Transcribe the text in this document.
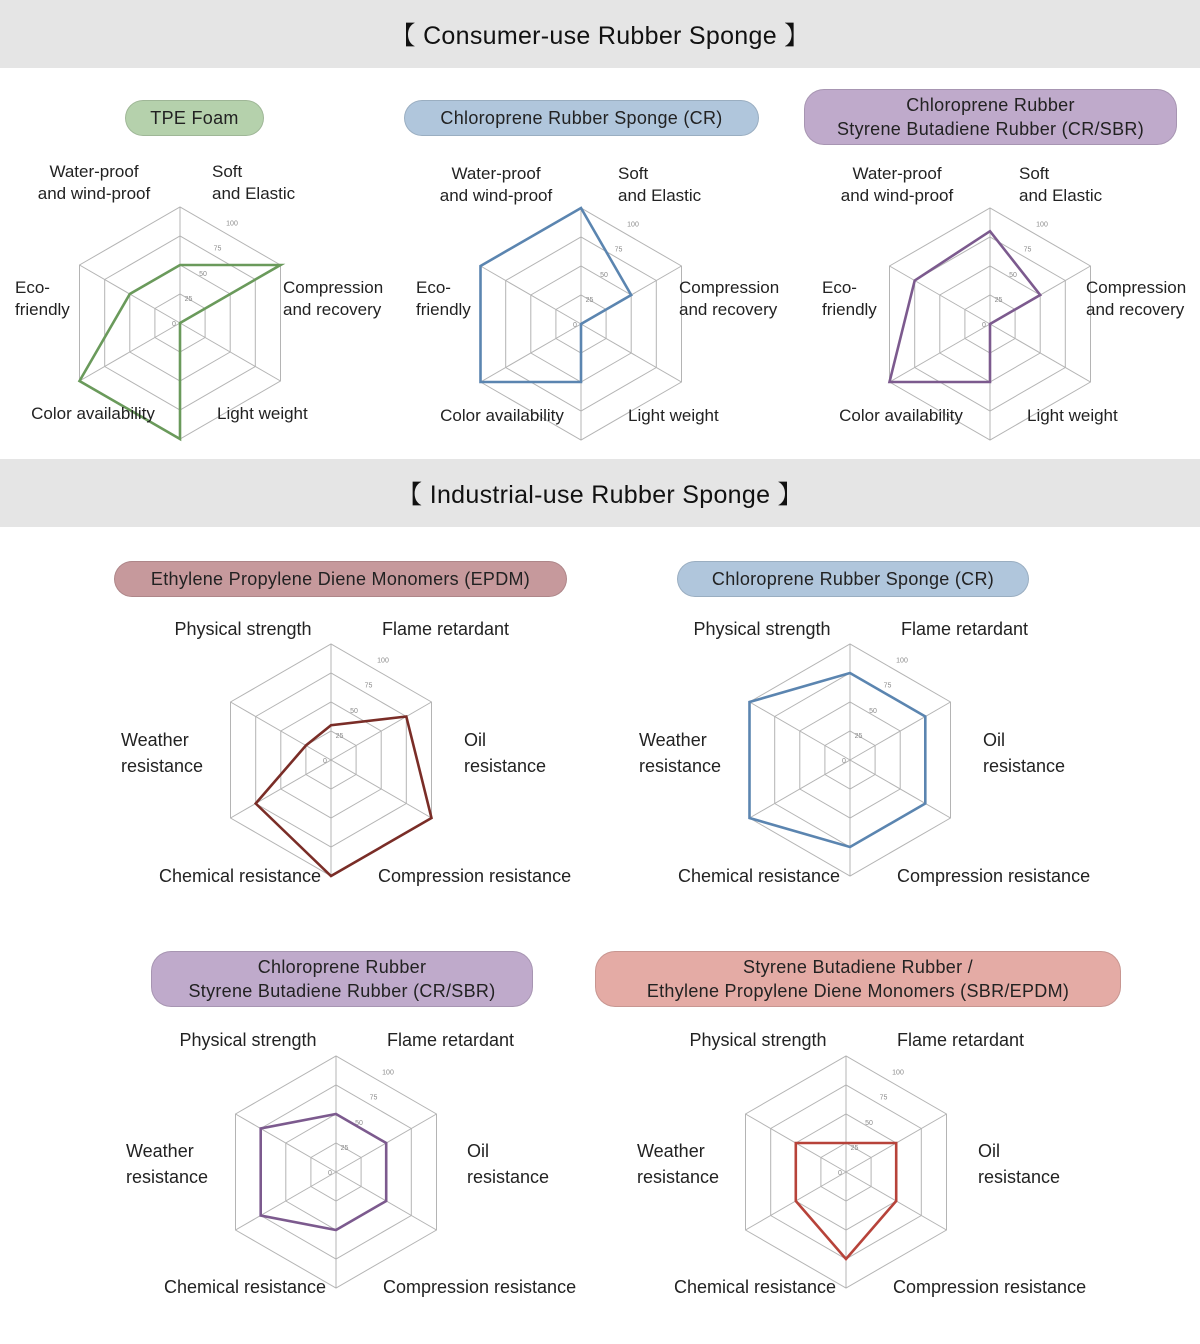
【 Consumer-use Rubber Sponge 】
【 Industrial-use Rubber Sponge 】
TPE Foam
0
25
50
75
100
Water-proof
and wind-proof
Soft
and Elastic
Compression
and recovery
Light weight
Color availability
Eco-
friendly
Chloroprene Rubber Sponge (CR)
0
25
50
75
100
Water-proof
and wind-proof
Soft
and Elastic
Compression
and recovery
Light weight
Color availability
Eco-
friendly
Chloroprene Rubber
Styrene Butadiene Rubber (CR/SBR)
0
25
50
75
100
Water-proof
and wind-proof
Soft
and Elastic
Compression
and recovery
Light weight
Color availability
Eco-
friendly
Ethylene Propylene Diene Monomers (EPDM)
0
25
50
75
100
Physical strength	Flame retardant
Oil
resistance
Compression resistance
Chemical resistance
Weather
resistance
Chloroprene Rubber Sponge (CR)
0
25
50
75
100
Physical strength	Flame retardant
Oil
resistance
Compression resistance
Chemical resistance
Weather
resistance
Chloroprene Rubber
Styrene Butadiene Rubber (CR/SBR)
0
25
50
75
100
Physical strength	Flame retardant
Oil
resistance
Compression resistance
Chemical resistance
Weather
resistance
Styrene Butadiene Rubber /
Ethylene Propylene Diene Monomers (SBR/EPDM)
0
25
50
75
100
Physical strength	Flame retardant
Oil
resistance
Compression resistance
Chemical resistance
Weather
resistance
